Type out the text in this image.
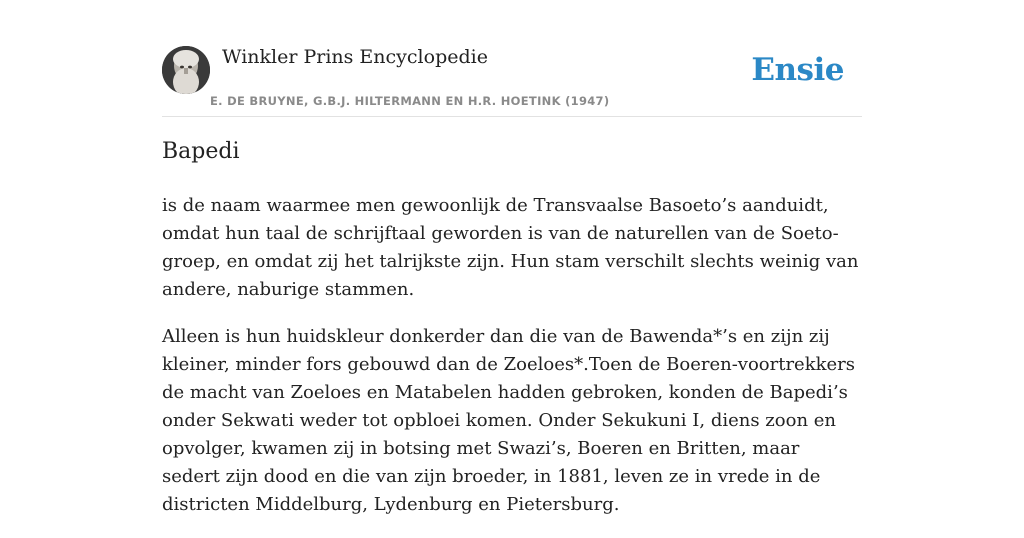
Winkler Prins Encyclopedie
E. DE BRUYNE, G.B.J. HILTERMANN EN H.R. HOETINK (1947)
Ensie
Bapedi

is de naam waarmee men gewoonlijk de Transvaalse Basoeto’s aanduidt, omdat hun taal de schrijftaal geworden is van de naturellen van de Soeto-groep, en omdat zij het talrijkste zijn. Hun stam verschilt slechts weinig van andere, naburige stammen.

Alleen is hun huidskleur donkerder dan die van de Bawenda*’s en zijn zij kleiner, minder fors gebouwd dan de Zoeloes*.Toen de Boeren-voortrekkers de macht van Zoeloes en Matabelen hadden gebroken, konden de Bapedi’s onder Sekwati weder tot opbloei komen. Onder Sekukuni I, diens zoon en opvolger, kwamen zij in botsing met Swazi’s, Boeren en Britten, maar sedert zijn dood en die van zijn broeder, in 1881, leven ze in vrede in de districten Middelburg, Lydenburg en Pietersburg.
